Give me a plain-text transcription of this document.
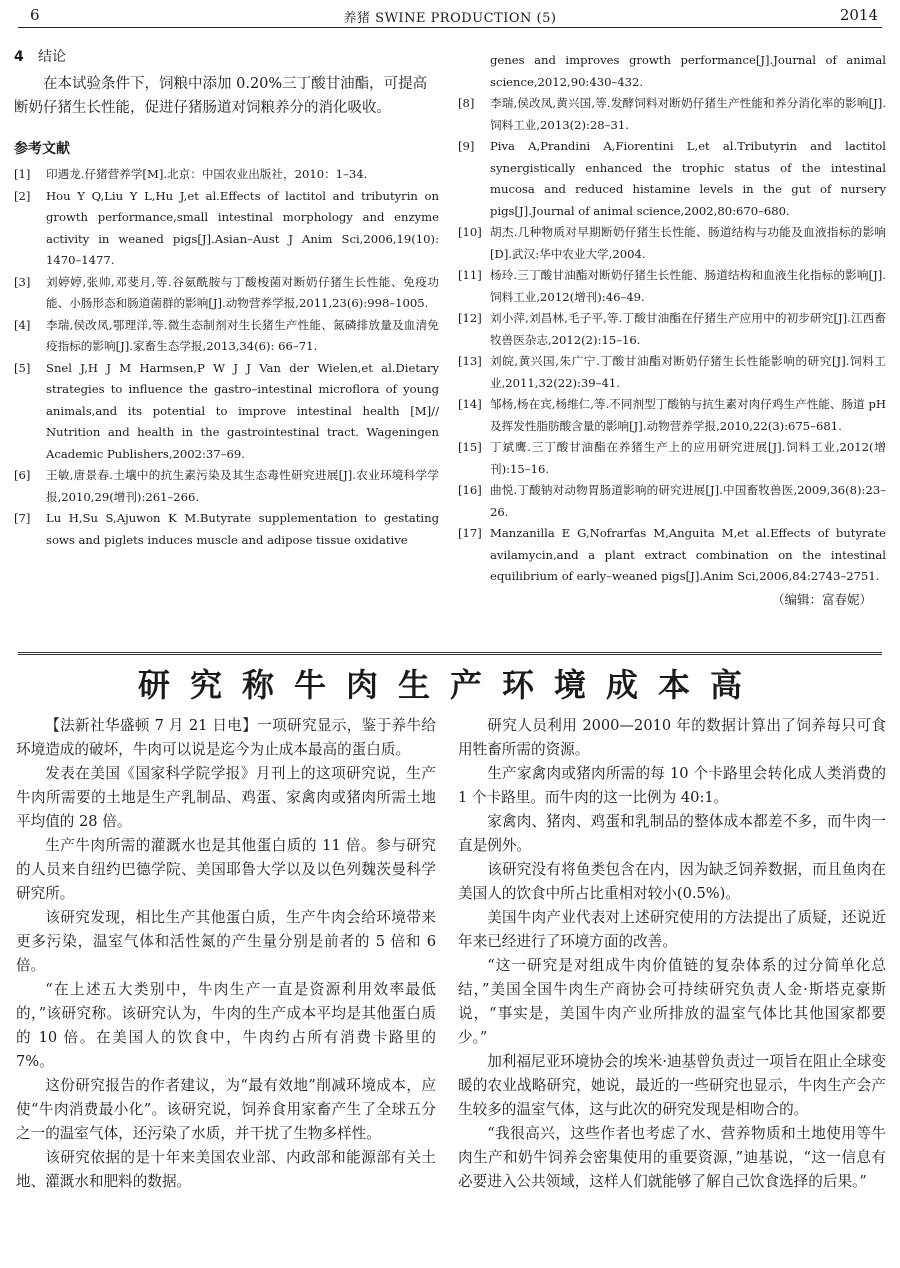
6	养猪 SWINE PRODUCTION (5)	2014
4 结论

在本试验条件下，饲粮中添加 0.20%三丁酸甘油酯，可提高断奶仔猪生长性能，促进仔猪肠道对饲粮养分的消化吸收。

参考文献
[1]	印遇龙.仔猪营养学[M].北京：中国农业出版社，2010：1–34.
[2]	Hou Y Q,Liu Y L,Hu J,et al.Effects of lactitol and tributyrin on growth performance,small intestinal morphology and enzyme activity in weaned pigs[J].Asian–Aust J Anim Sci,2006,19(10): 1470–1477.
[3]	刘婷婷,张帅,邓斐月,等.谷氨酰胺与丁酸梭菌对断奶仔猪生长性能、免疫功能、小肠形态和肠道菌群的影响[J].动物营养学报,2011,23(6):998–1005.
[4]	李瑞,侯改凤,鄂理洋,等.微生态制剂对生长猪生产性能、氮磷排放量及血清免疫指标的影响[J].家畜生态学报,2013,34(6): 66–71.
[5]	Snel J,H J M Harmsen,P W J J Van der Wielen,et al.Dietary strategies to influence the gastro–intestinal microflora of young animals,and its potential to improve intestinal health [M]// Nutrition and health in the gastrointestinal tract. Wageningen Academic Publishers,2002:37–69.
[6]	王敏,唐景春.土壤中的抗生素污染及其生态毒性研究进展[J].农业环境科学学报,2010,29(增刊):261–266.
[7]	Lu H,Su S,Ajuwon K M.Butyrate supplementation to gestating sows and piglets induces muscle and adipose tissue oxidative
genes and improves growth performance[J].Journal of animal science,2012,90:430–432.
[8]	李瑞,侯改凤,黄兴国,等.发酵饲料对断奶仔猪生产性能和养分消化率的影响[J].饲料工业,2013(2):28–31.
[9]	Piva A,Prandini A,Fiorentini L,et al.Tributyrin and lactitol synergistically enhanced the trophic status of the intestinal mucosa and reduced histamine levels in the gut of nursery pigs[J].Journal of animal science,2002,80:670–680.
[10] 胡杰.几种物质对早期断奶仔猪生长性能、肠道结构与功能及血液指标的影响[D].武汉:华中农业大学,2004.
[11] 杨玲.三丁酸甘油酯对断奶仔猪生长性能、肠道结构和血液生化指标的影响[J].饲料工业,2012(增刊):46–49.
[12] 刘小萍,刘昌林,毛子平,等.丁酸甘油酯在仔猪生产应用中的初步研究[J].江西畜牧兽医杂志,2012(2):15–16.
[13] 刘皖,黄兴国,朱广宁.丁酸甘油酯对断奶仔猪生长性能影响的研究[J].饲料工业,2011,32(22):39–41.
[14] 邹杨,杨在宾,杨维仁,等.不同剂型丁酸钠与抗生素对肉仔鸡生产性能、肠道 pH 及挥发性脂肪酸含量的影响[J].动物营养学报,2010,22(3):675–681.
[15] 丁斌鹰.三丁酸甘油酯在养猪生产上的应用研究进展[J].饲料工业,2012(增刊):15–16.
[16] 曲悦.丁酸钠对动物胃肠道影响的研究进展[J].中国畜牧兽医,2009,36(8):23–26.
[17] Manzanilla E G,Nofrarfas M,Anguita M,et al.Effects of butyrate avilamycin,and a plant extract combination on the intestinal equilibrium of early–weaned pigs[J].Anim Sci,2006,84:2743–2751.
（编辑：富春妮）
研究称牛肉生产环境成本高

【法新社华盛顿 7 月 21 日电】一项研究显示，鉴于养牛给环境造成的破坏，牛肉可以说是迄今为止成本最高的蛋白质。

发表在美国《国家科学院学报》月刊上的这项研究说，生产牛肉所需要的土地是生产乳制品、鸡蛋、家禽肉或猪肉所需土地平均值的 28 倍。

生产牛肉所需的灌溉水也是其他蛋白质的 11 倍。参与研究的人员来自纽约巴德学院、美国耶鲁大学以及以色列魏茨曼科学研究所。

该研究发现，相比生产其他蛋白质，生产牛肉会给环境带来更多污染，温室气体和活性氮的产生量分别是前者的 5 倍和 6 倍。

“在上述五大类别中，牛肉生产一直是资源利用效率最低的，”该研究称。该研究认为，牛肉的生产成本平均是其他蛋白质的 10 倍。在美国人的饮食中，牛肉约占所有消费卡路里的 7%。

这份研究报告的作者建议，为“最有效地”削减环境成本，应使“牛肉消费最小化”。该研究说，饲养食用家畜产生了全球五分之一的温室气体，还污染了水质，并干扰了生物多样性。

该研究依据的是十年来美国农业部、内政部和能源部有关土地、灌溉水和肥料的数据。

研究人员利用 2000—2010 年的数据计算出了饲养每只可食用牲畜所需的资源。

生产家禽肉或猪肉所需的每 10 个卡路里会转化成人类消费的 1 个卡路里。而牛肉的这一比例为 40:1。

家禽肉、猪肉、鸡蛋和乳制品的整体成本都差不多，而牛肉一直是例外。

该研究没有将鱼类包含在内，因为缺乏饲养数据，而且鱼肉在美国人的饮食中所占比重相对较小(0.5%)。

美国牛肉产业代表对上述研究使用的方法提出了质疑，还说近年来已经进行了环境方面的改善。

“这一研究是对组成牛肉价值链的复杂体系的过分简单化总结，”美国全国牛肉生产商协会可持续研究负责人金·斯塔克豪斯说，“事实是，美国牛肉产业所排放的温室气体比其他国家都要少。”

加利福尼亚环境协会的埃米·迪基曾负责过一项旨在阻止全球变暖的农业战略研究，她说，最近的一些研究也显示，牛肉生产会产生较多的温室气体，这与此次的研究发现是相吻合的。

“我很高兴，这些作者也考虑了水、营养物质和土地使用等牛肉生产和奶牛饲养会密集使用的重要资源，”迪基说，“这一信息有必要进入公共领域，这样人们就能够了解自己饮食选择的后果。”
